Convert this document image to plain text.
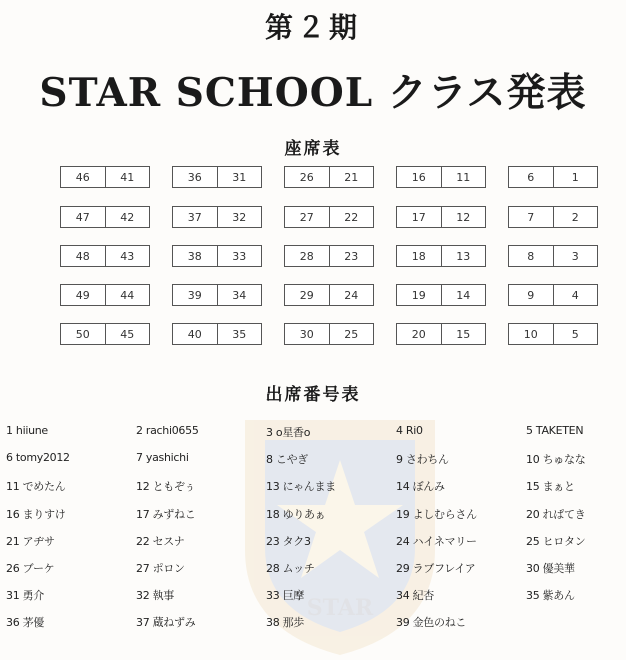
STAR
第２期
STAR SCHOOL クラス発表
座席表
46	41	36	31	26	21	16	11	6	1
47	42	37	32	27	22	17	12	7	2
48	43	38	33	28	23	18	13	8	3
49	44	39	34	29	24	19	14	9	4
50	45	40	35	30	25	20	15	10	5
出席番号表
1 hiiune	2 rachi0655	3 o星香o	4 Ri0	5 TAKETEN
6 tomy2012	7 yashichi	8 こやぎ	9 さわちん	10 ちゅなな
11 でめたん	12 ともぞぅ	13 にゃんまま	14 ぼんみ	15 まぁと
16 まりすけ	17 みずねこ	18 ゆりあぁ	19 よしむらさん	20 れぱてき
21 アヂサ	22 セスナ	23 タク3	24 ハイネマリー	25 ヒロタン
26 ブーケ	27 ポロン	28 ムッチ	29 ラブフレイア	30 優美華
31 勇介	32 執事	33 巨摩	34 紀杏	35 紫あん
36 茅優	37 蔵ねずみ	38 那歩	39 金色のねこ
